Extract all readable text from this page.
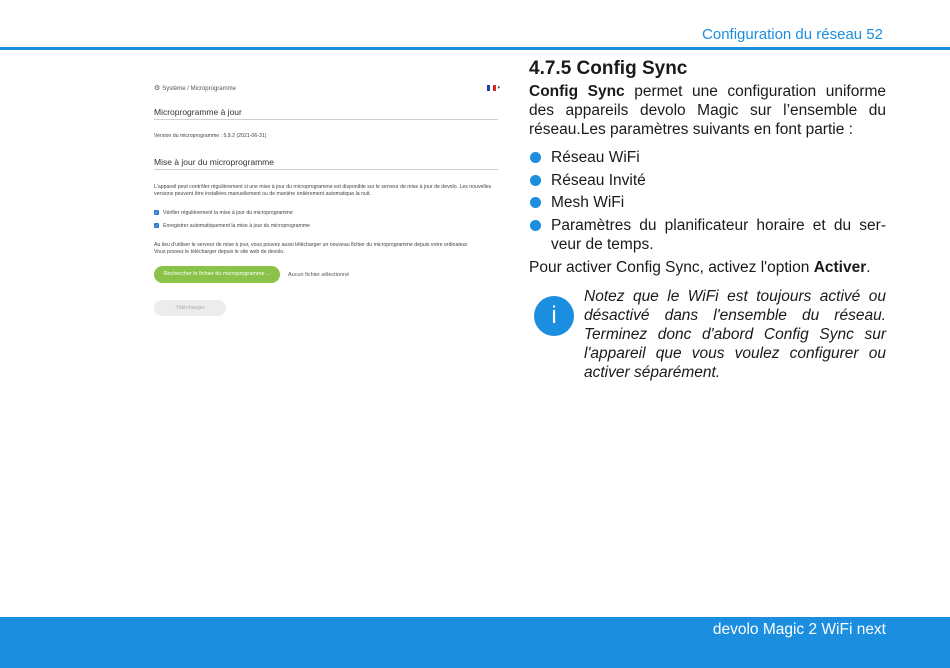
Configuration du réseau 52
⚙ Système / Microprogramme	▾
Microprogramme à jour
Version du microprogramme : 5.9.2 (2021-06-31)
Mise à jour du microprogramme
L'appareil peut contrôler régulièrement si une mise à jour du microprogramme est disponible sur le serveur de mise à jour de devolo. Les nouvelles versions peuvent être installées manuellement ou de manière entièrement automatique la nuit.
✓ Vérifier régulièrement la mise à jour du microprogramme
✓ Enregistrer automatiquement la mise à jour du microprogramme
Au lieu d'utiliser le serveur de mise à jour, vous pouvez aussi télécharger un nouveau fichier du microprogramme depuis votre ordinateur. Vous pouvez le télécharger depuis le site web de devolo.
Rechercher le fichier du microprogramme ...	Aucun fichier sélectionné
Télécharger
4.7.5 Config Sync
Config Sync permet une configuration uniforme des appareils devolo Magic sur l’ensemble du réseau.Les paramètres suivants en font partie :
Réseau WiFi
Réseau Invité
Mesh WiFi
Paramètres du planificateur horaire et du ser-veur de temps.
Pour activer Config Sync, activez l'option Activer.
i
Notez que le WiFi est toujours activé ou désactivé dans l'ensemble du réseau. Terminez donc d'abord Config Sync sur l'appareil que vous voulez configurer ou activer séparément.
devolo Magic 2 WiFi next
